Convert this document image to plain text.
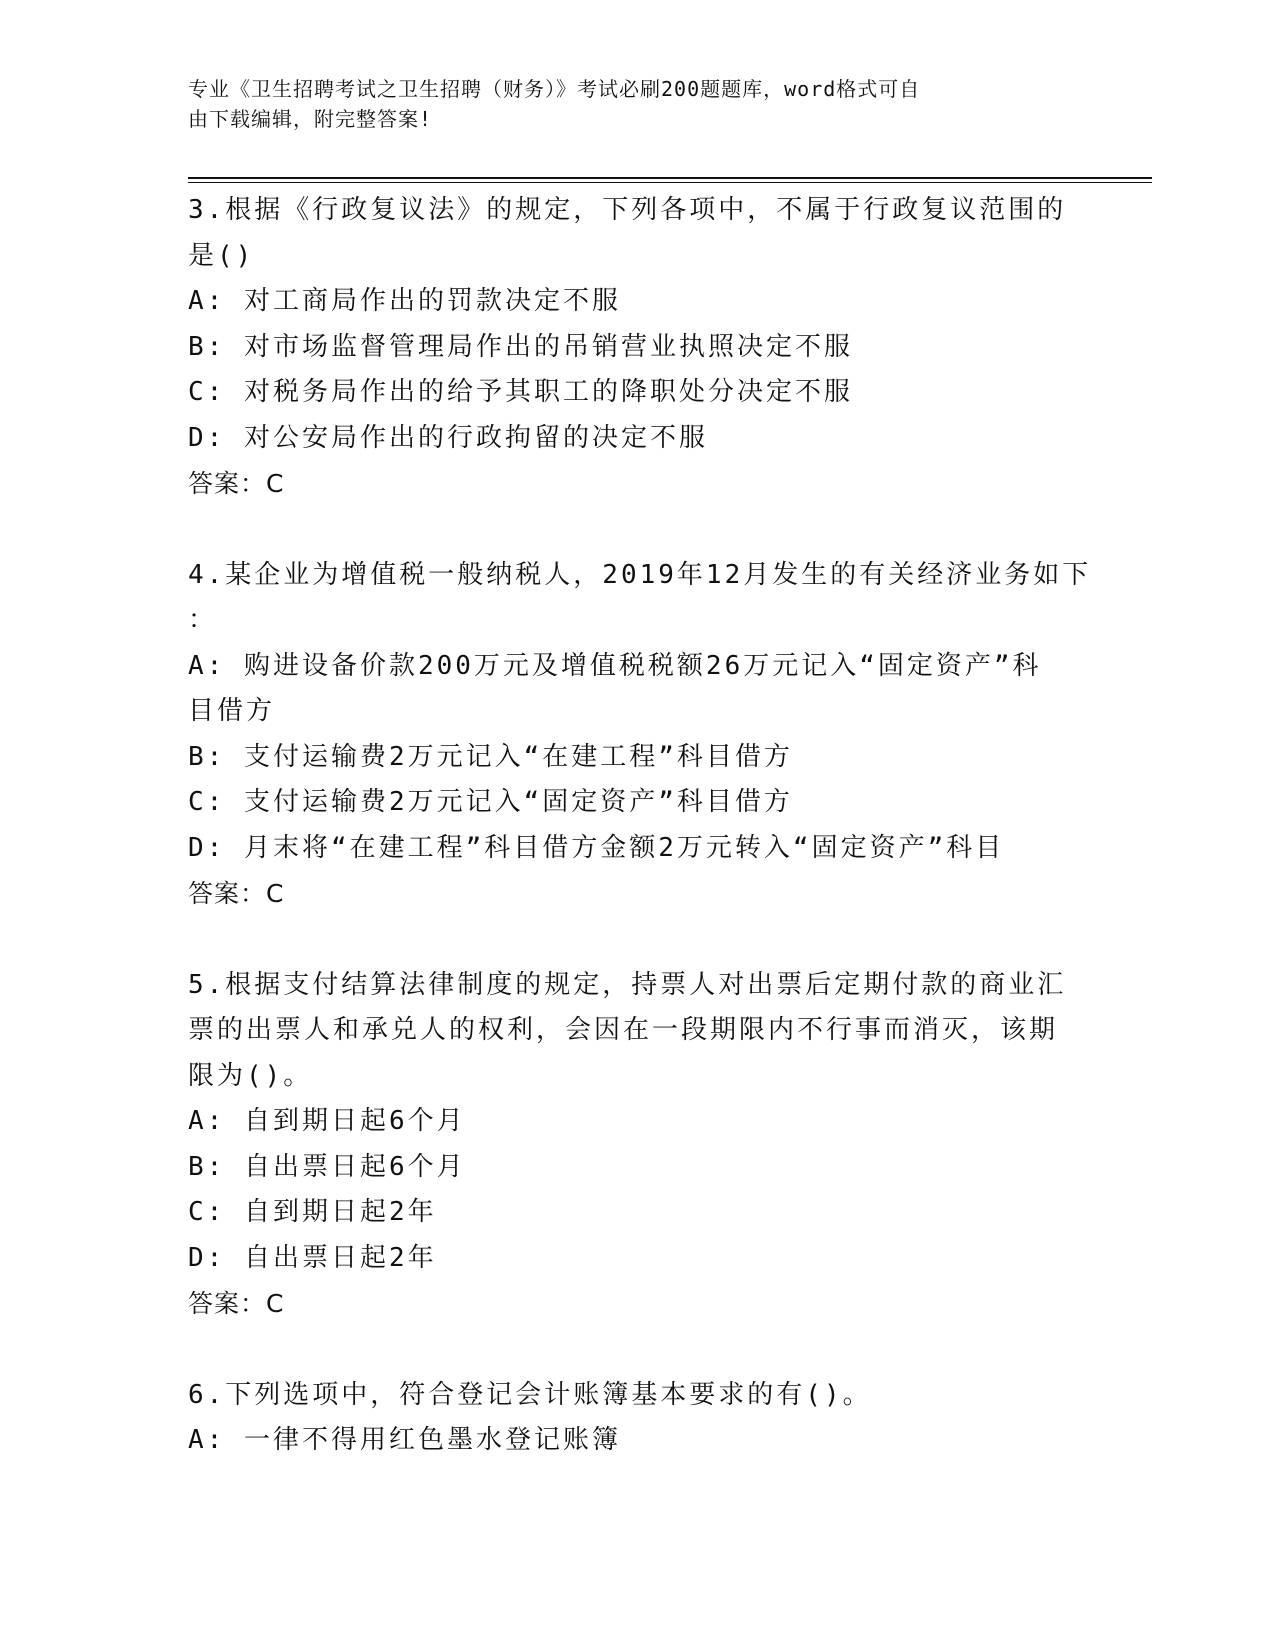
专业《卫生招聘考试之卫生招聘（财务）》考试必刷200题题库，word格式可自
由下载编辑，附完整答案!
3.根据《行政复议法》的规定，下列各项中，不属于行政复议范围的
是()
A: 对工商局作出的罚款决定不服
B: 对市场监督管理局作出的吊销营业执照决定不服
C: 对税务局作出的给予其职工的降职处分决定不服
D: 对公安局作出的行政拘留的决定不服
答案：C
4.某企业为增值税一般纳税人，2019年12月发生的有关经济业务如下
：
A: 购进设备价款200万元及增值税税额26万元记入“固定资产”科
目借方
B: 支付运输费2万元记入“在建工程”科目借方
C: 支付运输费2万元记入“固定资产”科目借方
D: 月末将“在建工程”科目借方金额2万元转入“固定资产”科目
答案：C
5.根据支付结算法律制度的规定，持票人对出票后定期付款的商业汇
票的出票人和承兑人的权利，会因在一段期限内不行事而消灭，该期
限为()。
A: 自到期日起6个月
B: 自出票日起6个月
C: 自到期日起2年
D: 自出票日起2年
答案：C
6.下列选项中，符合登记会计账簿基本要求的有()。
A: 一律不得用红色墨水登记账簿
